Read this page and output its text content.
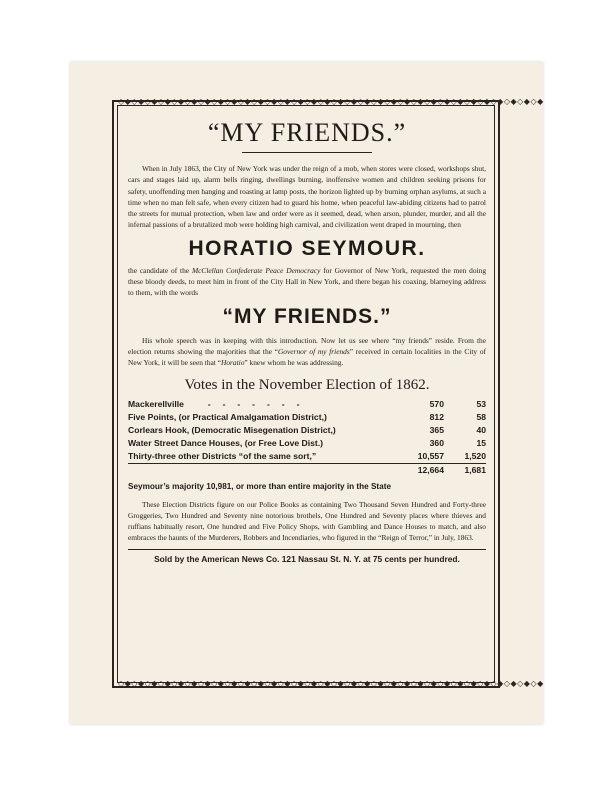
◇◆◇◆◇◆◇◆◇◆◇◆◇◆◇◆◇◆◇◆◇◆◇◆◇◆◇◆◇◆◇◆◇◆◇◆◇◆◇◆◇◆◇◆◇◆◇◆◇◆◇◆◇◆◇◆◇◆◇◆◇◆◇◆
◇◆◇◆◇◆◇◆◇◆◇◆◇◆◇◆◇◆◇◆◇◆◇◆◇◆◇◆◇◆◇◆◇◆◇◆◇◆◇◆◇◆◇◆◇◆◇◆◇◆◇◆◇◆◇◆◇◆◇◆◇◆◇◆
“MY FRIENDS.”

When in July 1863, the City of New York was under the reign of a mob, when stores were closed, workshops shut, cars and stages laid up, alarm bells ringing, dwellings burning, inoffensive women and children seeking prisons for safety, unoffending men hanging and roasting at lamp posts, the horizon lighted up by burning orphan asylums, at such a time when no man felt safe, when every citizen had to guard his home, when peaceful law-abiding citizens had to patrol the streets for mutual protection, when law and order were as it seemed, dead, when arson, plunder, murder, and all the infernal passions of a brutalized mob were holding high carnival, and civilization went draped in mourning, then

HORATIO SEYMOUR.

the candidate of the McClellan Confederate Peace Democracy for Governor of New York, requested the men doing these bloody deeds, to meet him in front of the City Hall in New York, and there began his coaxing, blarneying address to them, with the words

“MY FRIENDS.”

His whole speech was in keeping with this introduction. Now let us see where “my friends” reside. From the election returns showing the majorities that the “Governor of my friends” received in certain localities in the City of New York, it will be seen that “Horatio” knew whom he was addressing.

Votes in the November Election of 1862.
Mackerellville          -     -     -     -     -     -     -	570	53
Five Points, (or Practical Amalgamation District,)	812	58
Corlears Hook, (Democratic Misegenation District,)	365	40
Water Street Dance Houses, (or Free Love Dist.)	360	15
Thirty-three other Districts “of the same sort,”	10,557	1,520
	12,664	1,681
Seymour’s majority 10,981, or more than entire majority in the State

These Election Districts figure on our Police Books as containing Two Thousand Seven Hundred and Forty-three Groggeries, Two Hundred and Seventy nine notorious brothels, One Hundred and Seventy places where thieves and ruffians habitually resort, One hundred and Five Policy Shops, with Gambling and Dance Houses to match, and also embraces the haunts of the Murderers, Robbers and Incendiaries, who figured in the “Reign of Terror,” in July, 1863.

Sold by the American News Co. 121 Nassau St. N. Y. at 75 cents per hundred.
